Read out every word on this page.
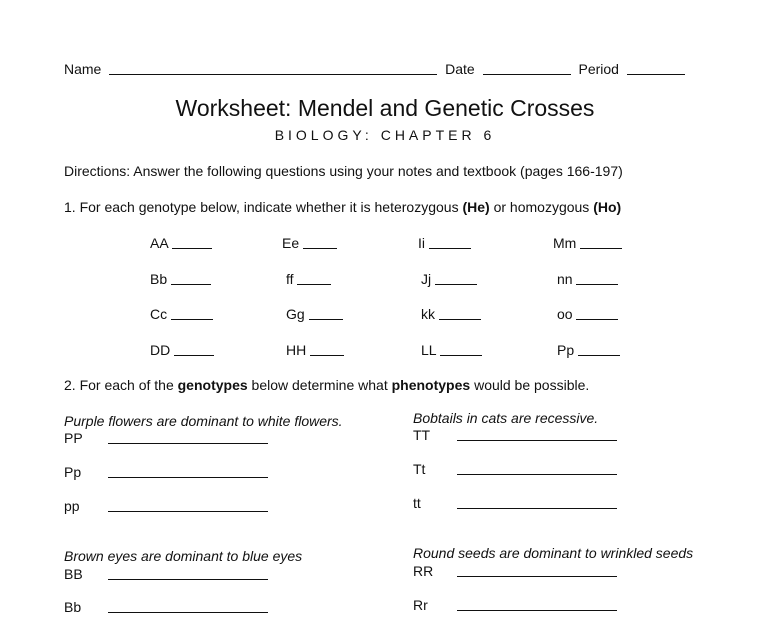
Name	Date	Period
Worksheet: Mendel and Genetic Crosses
BIOLOGY: CHAPTER 6
Directions: Answer the following questions using your notes and textbook (pages 166-197)
1. For each genotype below, indicate whether it is heterozygous (He) or homozygous (Ho)
AA	Ee	Ii	Mm
Bb	ff	Jj	nn
Cc	Gg	kk	oo
DD	HH	LL	Pp
2. For each of the genotypes below determine what phenotypes would be possible.
Purple flowers are dominant to white flowers.
PP
Pp
pp
Bobtails in cats are recessive.
TT
Tt
tt
Brown eyes are dominant to blue eyes
BB
Bb
Round seeds are dominant to wrinkled seeds
RR
Rr
